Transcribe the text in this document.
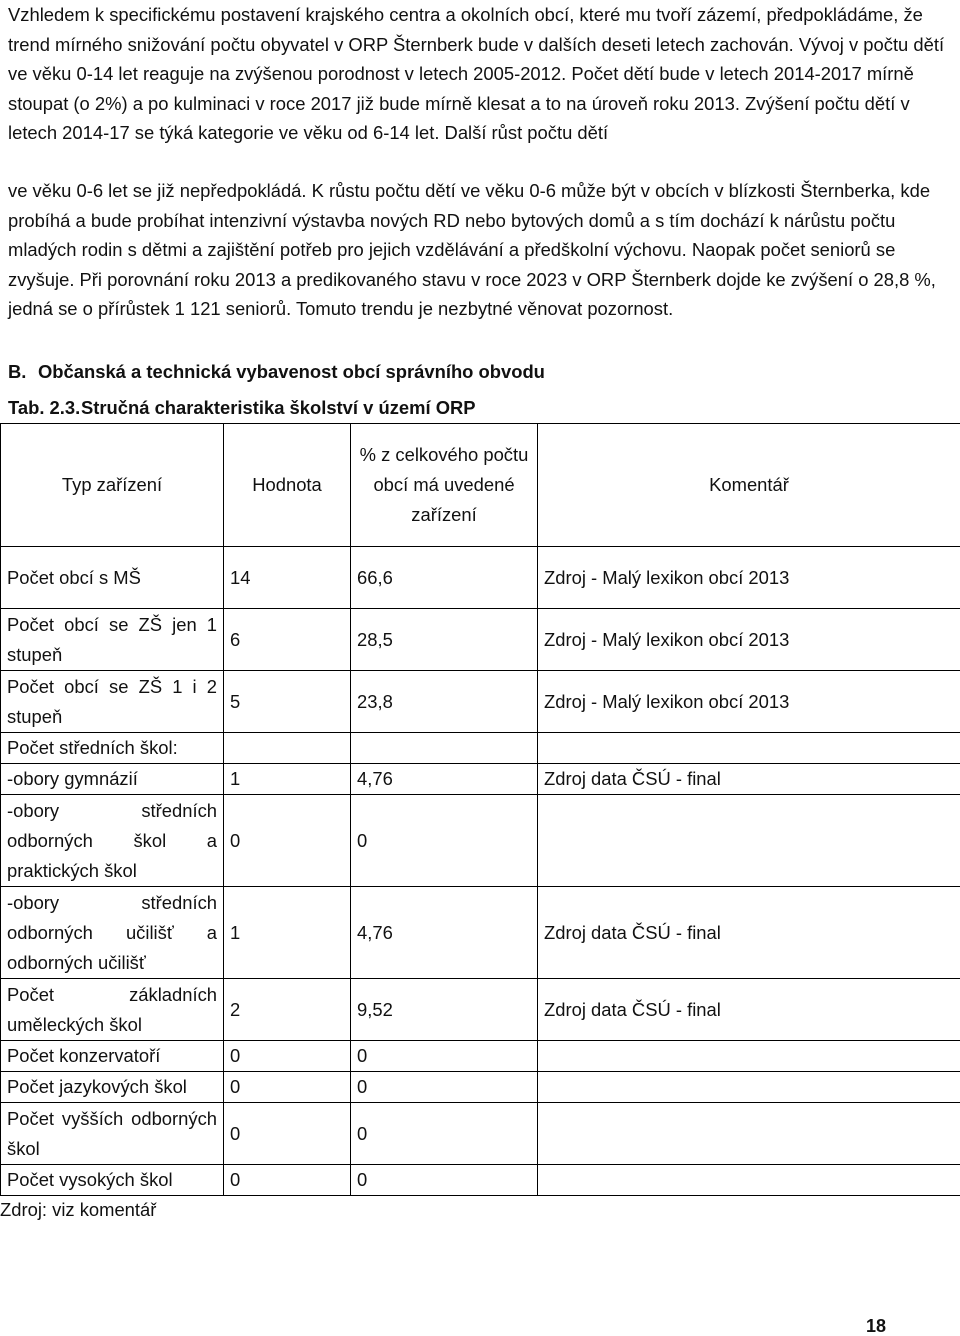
Vzhledem k specifickému postavení krajského centra a okolních obcí, které mu tvoří zázemí, předpokládáme, že trend mírného snižování počtu obyvatel v ORP Šternberk bude v dalších deseti letech zachován. Vývoj v počtu dětí ve věku 0-14 let reaguje na zvýšenou porodnost v letech 2005-2012. Počet dětí bude v letech 2014-2017 mírně stoupat (o 2%) a po kulminaci v roce 2017 již bude mírně klesat a to na úroveň roku 2013. Zvýšení počtu dětí v letech 2014-17 se týká kategorie ve věku od 6-14 let. Další růst počtu dětí
ve věku 0-6 let se již nepředpokládá. K růstu počtu dětí ve věku 0-6 může být v obcích v blízkosti Šternberka, kde probíhá a bude probíhat intenzivní výstavba nových RD nebo bytových domů a s tím dochází k nárůstu počtu mladých rodin s dětmi a zajištění potřeb pro jejich vzdělávání a předškolní výchovu. Naopak počet seniorů se zvyšuje. Při porovnání roku 2013 a predikovaného stavu v roce 2023 v ORP Šternberk dojde ke zvýšení o 28,8 %, jedná se o přírůstek 1 121 seniorů. Tomuto trendu je nezbytné věnovat pozornost.
B. Občanská a technická vybavenost obcí správního obvodu
Tab. 2.3.Stručná charakteristika školství v území ORP
Typ zařízení	Hodnota	% z celkového počtu obcí má uvedené zařízení	Komentář
Počet obcí s MŠ	14	66,6	Zdroj - Malý lexikon obcí 2013
Počet obcí se ZŠ jen 1 stupeň	6	28,5	Zdroj - Malý lexikon obcí 2013
Počet obcí se ZŠ 1 i 2 stupeň	5	23,8	Zdroj - Malý lexikon obcí 2013
Počet středních škol:			
-obory gymnázií	1	4,76	Zdroj data ČSÚ - final
-obory středních odborných škol a praktických škol	0	0	
-obory středních odborných učilišť a odborných učilišť	1	4,76	Zdroj data ČSÚ - final
Počet základních uměleckých škol	2	9,52	Zdroj data ČSÚ - final
Počet konzervatoří	0	0	
Počet jazykových škol	0	0	
Počet vyšších odborných škol	0	0	
Počet vysokých škol	0	0	
Zdroj: viz komentář
18
